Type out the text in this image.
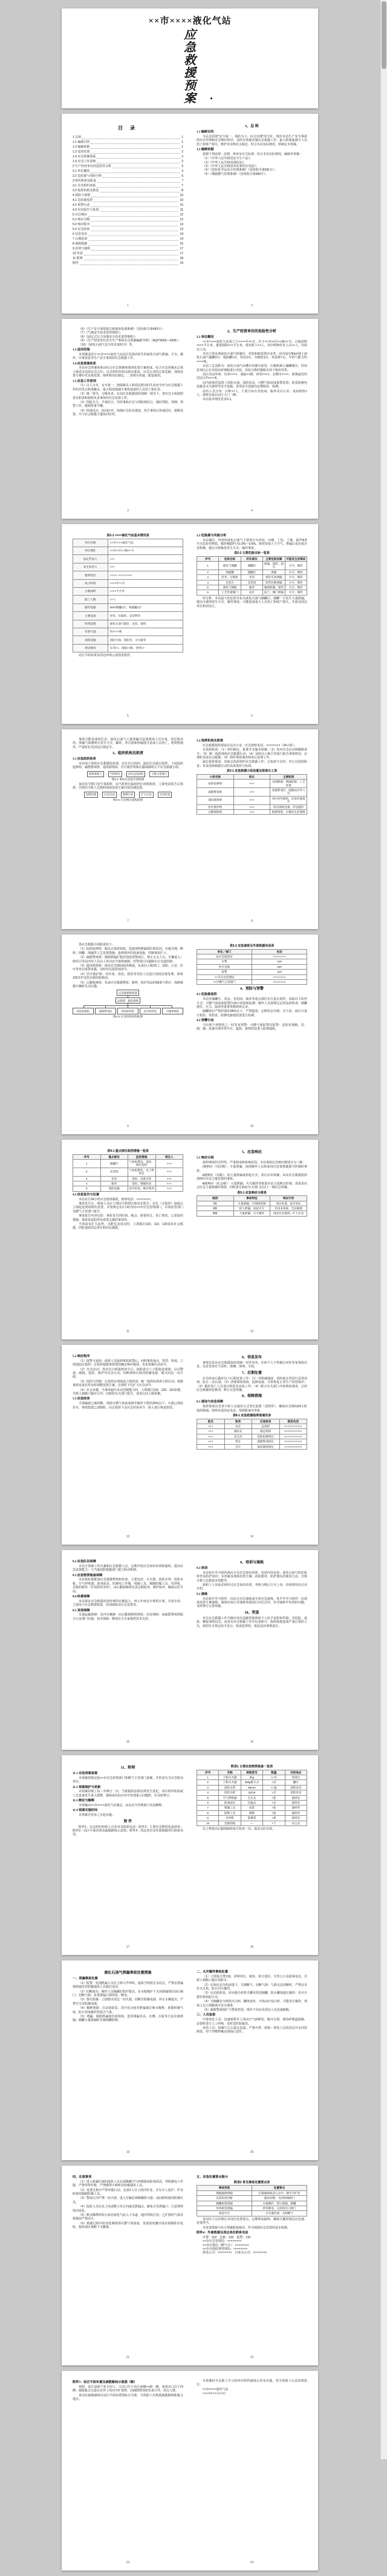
××市××××液化气站
应
急
救
援
预
案
目 录
1 总则	1
1.1 编制目的	1
1.2 编制依据	1
1.3 适用范围	2
1.4 应急预案体系	2
1.5 应急工作原则	2
2 生产经营单位的危险性分析	3
2.1 单位概况	3
2.2 危险源与风险分析	5
3 组织机构及职责	7
3.1 应急组织体系	7
3.2 指挥机构及职责	8
4 预防与预警	10
4.1 危险源监控	10
4.2 预警行动	10
4.3 信息报告与处置	11
5 应急响应	12
5.1 响应分级	12
5.2 响应程序	13
5.3 应急结束	13
6 信息发布	14
7 后期处置	14
8 保障措施	15
9 培训与演练	17
10 奖惩	17
11 附则	18
附件	19
1
1、总 则
1.1 编制目的
为认真贯彻“安全第一、预防为主、综合治理”的方针，规范本站生产安全事故的应急管理和应急响应程序，及时有效地实施应急救援工作，最大程度地减少人员伤亡和财产损失，维护企业和社会稳定，结合本站实际情况，特制定本预案。
1.2 编制依据
依据下列法律、法规、规章及有关标准，结合本站实际情况，编制本预案：
（1）《中华人民共和国安全生产法》；
（2）《中华人民共和国消防法》；
（3）《中华人民共和国突发事件应对法》；
（4）《危险化学品安全管理条例》（国务院令第591号）；
（5）《城镇燃气管理条例》（国务院令第583号）；
2
（6）《生产安全事故报告和调查处理条例》（国务院令第493号）；
（7）《气瓶安全技术监察规程》；
（8）《固定式压力容器安全技术监察规程》；
（9）《生产经营单位安全生产事故应急预案编制导则》（AQ/T9002—2006）；
（10）《液化石油气安全技术说明书》等。
1.3 适用范围
本预案适用于××市××××液化气站站区范围内发生的液化石油气泄漏、火灾、爆炸、中毒窒息等生产安全事故的应急救援工作。
1.4 应急预案体系
本站应急预案体系由综合应急预案和现场处置方案构成。综合应急预案从总体上阐述本站的应急方针、应急组织结构及相应职责、应急行动的总体思路；现场处置方案针对具体装置、场所和岗位制定，二者相互衔接、配套使用。
1.5 应急工作原则
（1）以人为本，安全第一。把保障员工和周边群众的生命安全作为应急救援工作的出发点和落脚点，最大程度地减少事故造成的人员伤亡和危害。
（2）统一领导，分级负责。在站应急救援指挥部统一领导下，各应急小组按照各自职责和权限负责事故的应急处置工作。
（3）预防为主，平战结合。坚持事故应急与预防相结合，做好预防、预测、预警工作，做到常备不懈。
（4）快速反应，协同应对。加强应急队伍建设，发生事故后快速反应、果断处置，并与社会救援力量协同应对。
3
2、生产经营单位的危险性分析
2.1 单位概况
××市××××液化气站成立于××××年××月，位于××市××区××路××号，占地面积××××平方米，建筑面积×××平方米，现有职工××人，其中特种作业人员××人，均持证上岗。
本站主要从事液化石油气的储存、充装和瓶装供应业务，站内设有50m³地上液化石油气储罐2台、残液罐1台，烃泵2台、压缩机1台、充装秤×台，年供气能力约××××吨。
本站工艺流程为：液化石油气由槽车经卸车软管、压缩机卸入储罐储存，经烃泵加压后在充装间对钢瓶进行充装，充装合格的钢瓶存放于瓶库待售。
站区周边环境：东邻××××，南临××路，西邻××××，北侧为××××，距离最近的居民区约×××米。
站内按规范设置了消防水池、消防泵房、可燃气体浓度报警装置、防雷防静电设施及灭火器材等安全设施，各项安全设施均定期检验、检测。
站内人员分布：白班××人，主要分布在充装间、瓶库及办公室；夜间值班×人，值班室设在站区大门一侧。
本站基本情况见表2-1。
4
表2-1 ××××液化气站基本情况表
单位名称	××市××××液化气站
单位地址	××市××区××路××号
法定代表人	×××
安全负责人	×××
值班电话	××××—××××××××
成立时间	××××年××月
占地面积	××××平方米
职工人数	××人
储存设施	50m³储罐2台、残液罐1台
主要设备	烃泵、压缩机、充装秤等
经营范围	液化石油气储存、充装、销售
年供气量	约××××吨
消防设施	消防水池、消防泵、灭火器等
周边情况	东邻××、南临××路、西邻××
站区平面布置及周边环境示意图见附件。
5
2.2 危险源与风险分析
本站储存、经营的液化石油气主要成分为丙烷、丙烯、丁烷、丁烯，属甲A类火灾危险性物质，爆炸极限约为1.5%～9.5%，相对密度大于空气，泄漏后易在低洼处积聚，遇点火源极易发生火灾、爆炸事故。
表2-2 主要危险目标一览表
序号	危险目标	所在部位	主要危险因素	可能发生的事故
1	液化气储罐	储罐区	泄漏、超装、超压	火灾、爆炸
2	残液罐	储罐区	泄漏	火灾、爆炸
3	烃泵、压缩机	泵房	密封失效泄漏	火灾、爆炸
4	充装台	充装间	软管拉断泄漏	火灾、爆炸
5	液化气钢瓶	瓶库	瓶阀泄漏、超装	火灾、爆炸
6	工艺管道阀门	站区	法兰、阀门泄漏	火灾、爆炸
经分析，本站最大的危险目标为液化石油气储罐区。储罐一旦发生大量泄漏，遇点火源将发生火灾、爆炸事故，可能造成重大人员伤亡和财产损失，并波及周边单位和居民区。
6
事故可能造成的危害：液化石油气大量泄漏可造成现场人员中毒、窒息和冻伤；泄漏气体遇明火发生火灾、爆炸，冲击波和热辐射可造成人员伤亡、建筑物损坏，严重时危及周边区域安全。
3、组织机构及职责
3.1 应急组织体系
本站成立事故应急救援指挥部，站长任总指挥，副站长任副总指挥，下设抢险抢修组、疏散警戒组、通讯联络组、医疗救护组和后勤保障组五个应急救援小组。
事故发现人 → 当班班长 → 站长(总指挥) → 上级主管部门
图3-1 事故信息报告流程图
夜间及节假日发生事故时，由当班班长临时担任现场指挥，立即电话报告总指挥，并组织当班人员按照现场处置方案开展先期处置。
先期处置 → 应急启动 → 救援行动 → 扩大应急 → 应急结束
图3-2 应急响应流程简图
7
3.2 指挥机构及职责
应急救援指挥部设在站办公室，应急值班电话：××××××××（24小时）。
总指挥职责：（1）组织制定、批准并实施本预案；（2）发布应急启动和解除命令；（3）统一指挥现场应急救援行动；（4）及时向上级主管部门报告事故情况，必要时请求社会救援；（5）组织事故调查和善后处理工作。
副总指挥职责：协助总指挥组织应急救援工作；总指挥不在时，代行总指挥职责；负责现场救援行动的具体指挥与协调。
表3-1 应急救援小组设置及职责分工表
小组名称	组长	主要职责
抢险抢修组	×××	关阀断源、堵漏抢修、工艺处置
疏散警戒组	×××	设置警戒区、疏散站内外人员
通讯联络组	×××	对内对外联络、信息传递报告
医疗救护组	×××	伤员现场急救、护送就医
后勤保障组	×××	救援物资、车辆及生活保障
8
各应急救援小组职责如下：
（1）抢险抢修组：服从总指挥调度，迅速查明泄漏部位和原因，实施关阀、断料、倒罐、堵漏等工艺处置措施；抢修损坏的设备设施，控制事故扩大。
（2）疏散警戒组：根据泄漏扩散范围设置警戒区，禁止无关人员、车辆进入；组织引导站内外人员向上风向安全地带疏散；对警戒区内道路实行交通管制。
（3）通讯联络组：保证应急期间通讯畅通，负责向上级部门、消防、公安、医疗等单位报警求援，及时传达指挥部命令。
（4）医疗救护组：对中毒、冻伤、烧伤等受伤人员进行现场急救处理，联系120并护送伤员到医院救治。
（5）后勤保障组：负责应急救援物资、器材、防护用品的储备与供应，保障救援车辆和生活后勤。
应急救援指挥部
总指挥、副总指挥
抢险抢修组	疏散警戒组	通讯联络组	医疗救护组	后勤保障组
图3-3 应急组织机构框图
9
表3-2 应急值班及外部救援电话表
单位／部门	电话
站应急值班室	××××××××
火警	119
医疗急救	120
报警	110
××市应急管理局	××××××××
××市燃气主管部门	××××××××
4、预防与预警
4.1 危险源监控
本站对储罐区、泵房、充装间、瓶库等重点部位实行重点监控，采取以下监控方式：可燃气体浓度报警仪24小时连续监测；操作人员按规定定时巡回检查；储罐液位、压力、温度等重要参数班班记录。
储罐液位严格控制在85%以下，严禁超装；定期对安全阀、压力表、液位计进行校验，对防雷、防静电接地装置进行检测。
4.2 预警行动
当出现下列情况之一时发布预警：可燃气体报警仪报警；巡检发现跑、冒、滴、漏；设备出现异常升压、超温；接到周边重大险情通报。
10
表4-1 重点部位监控措施一览表
序号	重点部位	监控措施	责任人
1	储罐区	气体报警仪、巡检、液位监控	×××
2	充装间	气体报警仪、电子秤检定	×××
3	泵房	巡检、设备点检	×××
4	瓶库	巡检、钢瓶检查	×××
5	消防设施	每月检查、维护保养	×××
4.3 信息报告与处置
本站实行24小时应急值班制度，值班电话：××××××××。
事故发生后，现场人员应立即向当班班长和站长报告；站长（总指挥）接报后立即赶赴现场组织处置，并按规定在1小时内向××市应急管理部门、市场监管部门及燃气主管部门报告。
事故报告内容包括：事故发生的时间、地点、简要经过、伤亡情况、已采取的措施、事故发展趋势及需要支援的事项等。
当事故有扩大趋势、可能危及周边时，立即拨打119、110、120请求社会救援，同时通知周边单位和居民疏散。
11
5、应急响应
5.1 响应分级
按照事故的可控性、严重程度和影响范围，本站事故应急响应级别分为三级：
Ⅰ级响应（岗位级）：少量泄漏，现场操作人员依靠岗位处置措施即可控制的事故。
Ⅱ级响应（站级）：较大量泄漏或初起火灾，需启动本预案，由站应急救援指挥部组织全站力量处置的事故。
Ⅲ级响应（社会级）：大量泄漏、火灾爆炸等依靠本站力量难以控制，需请求社会应急力量救援的事故，同时报告政府有关部门启动上一级应急预案。
表5-1 应急响应分级表
级别	事故特征	响应行动
Ⅰ级	少量泄漏、可现场控制	岗位处置、报告班长
Ⅱ级	较大泄漏、初起火灾	启动本预案、全站救援
Ⅲ级	大量泄漏、火灾爆炸	请求社会救援、扩大应急
12
5.2 响应程序
（1）接警与通知：值班人员接到事故报警后，问明事故地点、类型、程度，立即通知总指挥；总指挥根据事故情况确定响应级别，发布预案启动命令。
（2）应急启动：各应急小组接到命令后，按职责分工立即赶赴现场；启动警戒、疏散、抢险、救护等应急行动；切断事故区域非防爆电源，熄灭周边一切火源。
（3）指挥与控制：总指挥在现场设立指挥部，统一指挥协调各小组行动；根据事故发展态势及时调整处置方案，必要时下达扩大应急命令。
（4）社会求援：当事故超出本站控制能力时，立即拨打119、120、110求援，并派人到路口接应引导；向政府有关部门报告，请求启动上级预案。
5.3 应急结束
当泄漏源已被切断、现场可燃气体浓度降至爆炸下限的25%以下、火源已彻底扑灭、事故隐患已消除时，由总指挥下达应急结束命令，转入善后恢复阶段。
13
6、信息发布
事故信息由应急救援指挥部统一对外发布，任何个人不得擅自对外发布事故信息。信息发布应当及时、准确、客观、全面。
7、后期处置
应急结束后做好以下后期处置工作：（1）对泄漏残液、消防废水等进行妥善处理，防止二次污染；（2）清理事故现场、抢修设备，尽快恢复正常生产经营秩序；（3）做好伤亡人员善后赔偿及安抚工作；（4）配合有关部门开展事故调查，总结应急救援经验教训，修订完善预案。
8、保障措施
8.1 通信与信息保障
指挥部成员及各小组人员通讯方式登记造册（见附件），确保应急期间24小时通讯畅通；值班室设固定电话，现场配备对讲机。
表8-1 应急救援指挥部通讯录
姓名	职务	应急职务	联系电话
×××	站长	总指挥	×××××××××××
×××	副站长	副总指挥	×××××××××××
×××	安全员	抢险抢修组长	×××××××××××
×××	班长	疏散警戒组长	×××××××××××
×××	会计	通讯联络组长	×××××××××××
14
8.2 应急队伍保障
本站全体职工均为兼职应急救援人员，定期开展应急知识培训和演练，提高应急处置能力；与当地消防救援部门建立联动机制。
8.3 应急物资装备保障
本站按标准配备应急救援物资和装备，主要包括：灭火器、消防水带、消防水枪、空气呼吸器、防毒面具、防静电工作服、堵漏工具、铜制防爆工具、对讲机、急救药箱等（详见附件清单），由后勤保障组负责定期检查、维护保养，确保完好可用。
8.4 经费保障
本站保证应急救援所需经费的足额投入，列入年度安全费用计划，专款专用，主要用于应急物资购置、培训演练及应急处置等。
8.5 其他保障
交通运输保障：站内车辆统一由后勤保障组调度；治安保障：由疏散警戒组配合公安部门实施；技术保障：聘请有关专家提供技术支持。
15
9、培训与演练
9.1 培训
本站每年至少组织两次全员应急知识培训，培训内容包括：液化石油气的危险特性及防护知识；本预案及现场处置方案；消防器材、防护器具的使用方法；自救互救与急救基本技能等。
新职工上岗前必须经过应急知识培训，考核合格后方可上岗；培训情况应记录存档。
9.2 演练
本站每年至少组织一次综合应急演练或专项应急演练，每半年至少组织一次现场处置方案演练。演练结束后对演练效果进行评估总结，针对演练中发现的问题，及时修订完善预案。
10、奖惩
对在应急救援工作中做出突出贡献的集体和个人给予表彰和奖励；对迟报、谎报、瞒报事故信息，或者在应急救援工作中玩忽职守、临阵脱逃造成严重后果的人员，依照有关规定给予处分，构成犯罪的，依法追究刑事责任。
16
11、附则
11.1 应急预案备案
本预案按规定报××市应急管理部门和燃气主管部门备案，并抄送有关应急联动单位。
11.2 预案维护与更新
本预案原则上每三年修订一次。当依据的法律法规发生变化、单位组织机构或工艺设备发生重大调整、演练或实际应对中发现重大问题时，应及时修订。
11.3 制定与解释
本预案由××市××××液化气站制定，由站安全管理部门负责解释。
11.4 预案实施时间
本预案自发布之日起实施。
附 件
附件1：应急组织机构人员名单及联系电话；附件2：主要应急物资装备清单；附件3：站区平面布置及疏散路线示意图；附件4：周边单位及外部救援单位联系电话。
17
附表1 主要应急物资装备一览表
序号	名称	规格型号	数量	存放地点
1	干粉灭火器	8kg	××具	各岗位
2	干粉灭火器	35kg推车式	×具	罐区
3	消防水带	65mm	××盘	消防泵房
4	消防水枪	QZ19	×支	消防泵房
5	空气呼吸器	正压式	×套	值班室
6	防毒面具	过滤式	×具	值班室
7	堵漏工具	成套	×套	器材库
8	防爆工具	铜制	×套	器材库
9	对讲机	防爆型	×部	值班室
10	急救药箱	—	×个	办公室
以上物资由后勤保障组每月检查一次，保证完好有效。
18
液化石油气泄漏事故处置措施
一、泄漏事故处置
（1）报警：发现泄漏人员应立即大声呼叫，通知当班班长及站长，严禁在泄漏现场使用非防爆通讯工具拨打电话。
（2）切断源头：操作人员佩戴好防护器具，在水枪掩护下关闭泄漏部位前后阀门，切断气源；泵类泄漏立即停泵、断电。
（3）禁火防爆：立即熄灭周边一切火源，切断非防爆电源，停止车辆进出，严禁开关非防爆电器。
（4）稀释驱散：启动消防泵，用开花水枪对泄漏部位喷水稀释，驱散积聚气体，防止形成爆炸性混合气体。
（5）堵漏：根据泄漏部位和程度，选用堵漏夹具、木楔、注胶等方法实施堵漏；储罐大量泄漏时实施倒罐转移。
19
二、火灾爆炸事故处置
（1）立即报火警119，讲明单位、地址、着火部位、火势大小及联系电话，并派人到路口接应消防车。
（2）在保证安全的前提下，关阀断气，切断气源；气源无法切断时，严禁盲目扑灭火焰，防止回火爆炸。
（3）启动消防泵，用水枪冷却着火罐及邻近储罐，防止罐体超压爆炸；用灭火器扑救初起火灾。
（4）当储罐安全阀发出尖叫、罐体变色、火焰由红变白时，可能发生爆炸，现场人员立即撤离至安全地带。
（5）疏散警戒组扩大警戒范围，组织下风向及周边人员迅速疏散。
三、人员急救
中毒窒息人员：迅速转移至上风向空气新鲜处，解开衣领，保持呼吸道通畅，必要时进行人工呼吸，及时送医院救治。
冻伤人员：用40℃左右温水复温，严禁火烤、揉搓；烧伤人员用清洁冷水冲洗降温，用干净敷料覆盖创面后送医。
20
四、注意事项
（1）进入泄漏区域的抢险人员必须佩戴空气呼吸器或防毒面具，穿防静电工作服，严禁穿带钉鞋，严禁携带火种和非防爆通讯工具。
（2）处置过程中严禁单独行动，必须2人以上协同作业，并有专人监护；作业时使用铜制防爆工具。
（3）警戒区内严禁一切火源，进入车辆必须佩戴阻火器；夜间照明使用防爆灯具。
（4）抢险人员应从上风或侧上风方向接近泄漏点，避免正对泄漏口；注意观察风向变化。
（5）喷水稀释时防止液态液化气流入下水道、地沟等低洼处；已扩散的气体未驱散前严禁动火。
（6）救援过程中密切监测现场可燃气体浓度，发现浓度骤升或出现爆炸征兆时，指挥部应果断下令撤离。
21
五、应急处置要点提示
附表2 常见事故处置要点表
事故类型	处置要点
钢瓶瓶阀泄漏	拧紧瓶阀或浸入水中、移至空旷处
充装软管拉断	紧急切断、关闭两端阀门
储罐根部泄漏	水枪掩护、带压堵漏、倒罐
泵体密封泄漏	停泵断电、关闭进出口阀门
初起火灾	灭火器扑救、关阀断气
各岗位人员应熟记本岗位处置要点，定期参加演练，确保关键时刻反应迅速、处置得当。
本处置措施与综合预案配套使用，作为现场应急处置的基本依据。
附件4：外部救援及周边单位联系电话
火警：119　急救：120　报警：110
××市应急管理局：××××××××
××市住建局（燃气办）：××××××××
××市市场监督管理局：××××××××
供电公司：××××××××　自来水公司：××××××××
22
附件5：站区平面布置及疏散路线示意图（略）
说明：站区设两个安全出口，主出口位于站区南侧××路一侧，备用出口位于西侧；疏散集合点设在站外上风向空旷地带，由疏散警戒组负责引导、清点人数。
各岗位疏散路线以站区平面布置图标注为准，全体职工应熟悉疏散路线和集合地点。
23
本预案经全站职工学习培训并组织演练后发布实施，望全体职工认真贯彻执行。
××市××××液化气站
××××年××月××日
24
